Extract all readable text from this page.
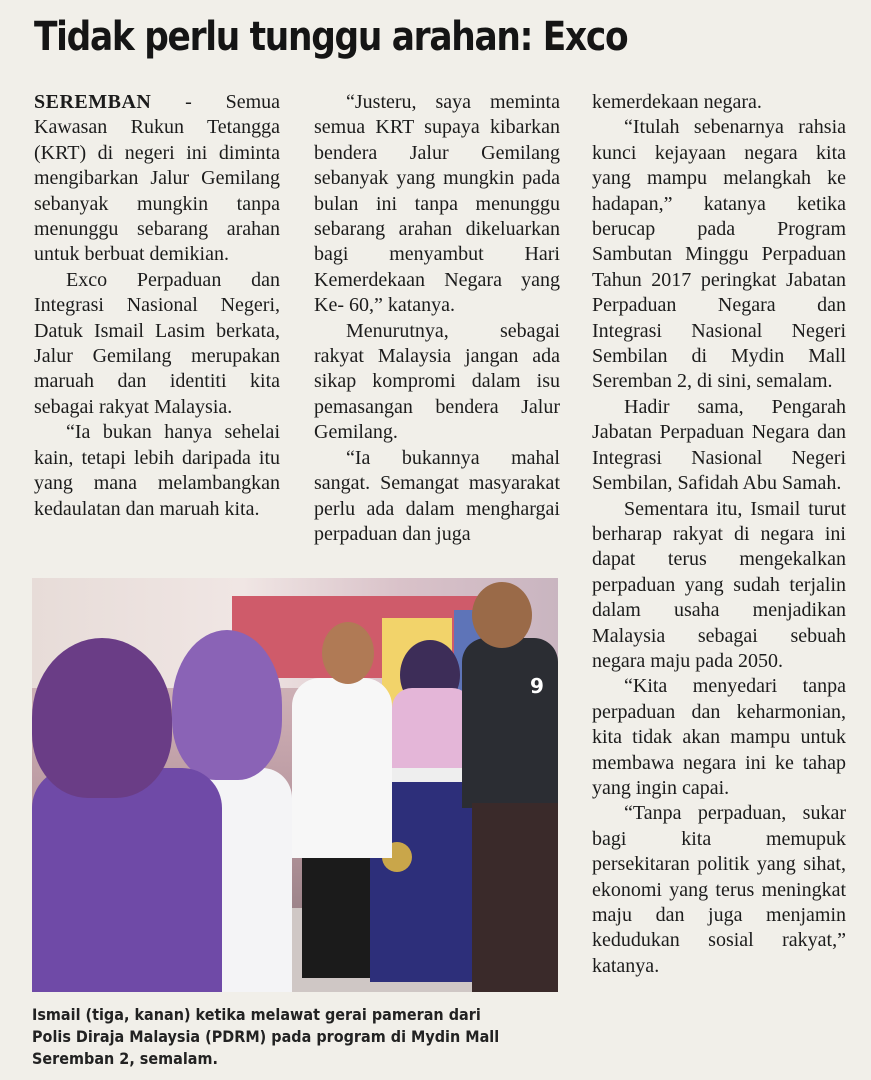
Tidak perlu tunggu arahan: Exco

SEREMBAN - Semua Kawasan Rukun Tetangga (KRT) di negeri ini diminta mengibarkan Jalur Gemilang sebanyak mungkin tanpa menunggu sebarang arahan untuk berbuat demikian.

Exco Perpaduan dan Integrasi Nasional Negeri, Datuk Ismail Lasim berkata, Jalur Gemilang merupakan maruah dan identiti kita sebagai rakyat Malaysia.

“Ia bukan hanya sehelai kain, tetapi lebih daripada itu yang mana melambangkan kedaulatan dan maruah kita.

“Justeru, saya meminta semua KRT supaya kibarkan bendera Jalur Gemilang sebanyak yang mungkin pada bulan ini tanpa menunggu sebarang arahan dikeluarkan bagi menyambut Hari Kemerdekaan Negara yang Ke- 60,” katanya.

Menurutnya, sebagai rakyat Malaysia jangan ada sikap kompromi dalam isu pemasangan bendera Jalur Gemilang.

“Ia bukannya mahal sangat. Semangat masyarakat perlu ada dalam menghargai perpaduan dan juga

kemerdekaan negara.

“Itulah sebenarnya rahsia kunci kejayaan negara kita yang mampu melangkah ke hadapan,” katanya ketika berucap pada Program Sambutan Minggu Perpaduan Tahun 2017 peringkat Jabatan Perpaduan Negara dan Integrasi Nasional Negeri Sembilan di Mydin Mall Seremban 2, di sini, semalam.

Hadir sama, Pengarah Jabatan Perpaduan Negara dan Integrasi Nasional Negeri Sembilan, Safidah Abu Samah.

Sementara itu, Ismail turut berharap rakyat di negara ini dapat terus mengekalkan perpaduan yang sudah terjalin dalam usaha menjadikan Malaysia sebagai sebuah negara maju pada 2050.

“Kita menyedari tanpa perpaduan dan keharmonian, kita tidak akan mampu untuk membawa negara ini ke tahap yang ingin capai.

“Tanpa perpaduan, sukar bagi kita memupuk persekitaran politik yang sihat, ekonomi yang terus meningkat maju dan juga menjamin kedudukan sosial rakyat,” katanya.

9
Ismail (tiga, kanan) ketika melawat gerai pameran dari Polis Diraja Malaysia (PDRM) pada program di Mydin Mall Seremban 2, semalam.
